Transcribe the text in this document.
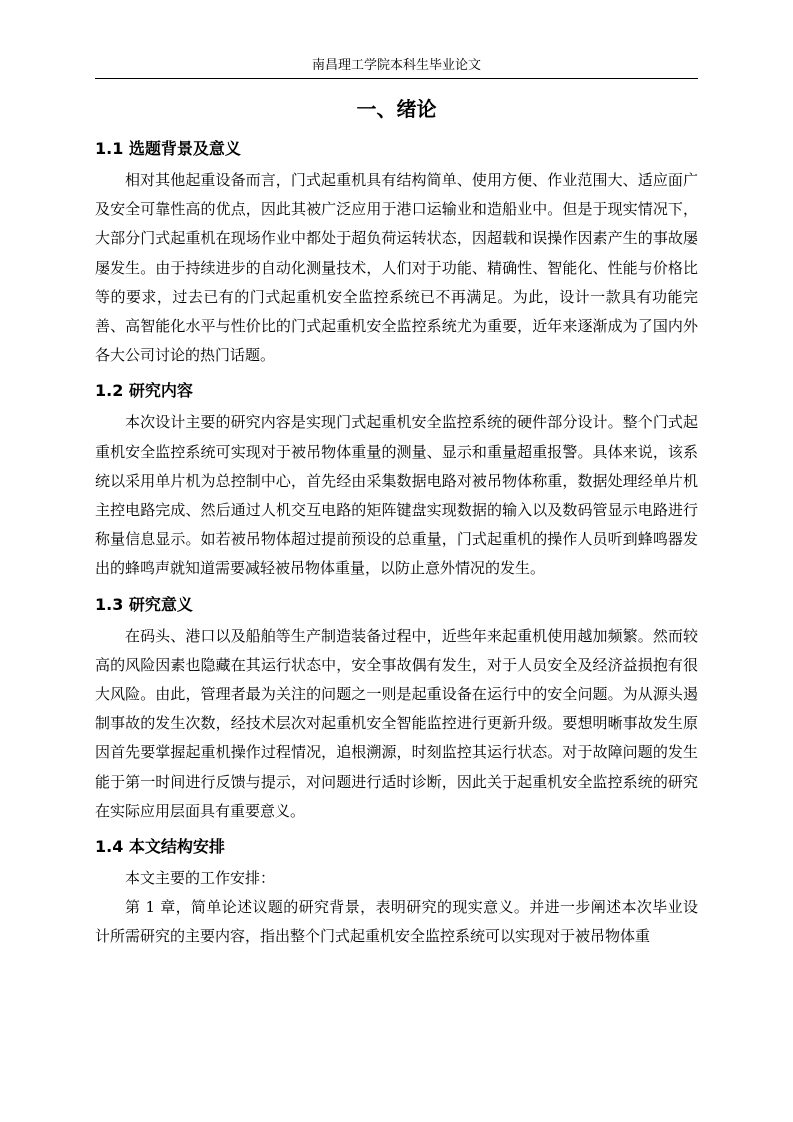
南昌理工学院本科生毕业论文
一、绪论
1.1 选题背景及意义

相对其他起重设备而言，门式起重机具有结构简单、使用方便、作业范围大、适应面广及安全可靠性高的优点，因此其被广泛应用于港口运输业和造船业中。但是于现实情况下，大部分门式起重机在现场作业中都处于超负荷运转状态，因超载和误操作因素产生的事故屡屡发生。由于持续进步的自动化测量技术，人们对于功能、精确性、智能化、性能与价格比等的要求，过去已有的门式起重机安全监控系统已不再满足。为此，设计一款具有功能完善、高智能化水平与性价比的门式起重机安全监控系统尤为重要，近年来逐渐成为了国内外各大公司讨论的热门话题。

1.2 研究内容

本次设计主要的研究内容是实现门式起重机安全监控系统的硬件部分设计。整个门式起重机安全监控系统可实现对于被吊物体重量的测量、显示和重量超重报警。具体来说，该系统以采用单片机为总控制中心，首先经由采集数据电路对被吊物体称重，数据处理经单片机主控电路完成、然后通过人机交互电路的矩阵键盘实现数据的输入以及数码管显示电路进行称量信息显示。如若被吊物体超过提前预设的总重量，门式起重机的操作人员听到蜂鸣器发出的蜂鸣声就知道需要减轻被吊物体重量，以防止意外情况的发生。

1.3 研究意义

在码头、港口以及船舶等生产制造装备过程中，近些年来起重机使用越加频繁。然而较高的风险因素也隐藏在其运行状态中，安全事故偶有发生，对于人员安全及经济益损抱有很大风险。由此，管理者最为关注的问题之一则是起重设备在运行中的安全问题。为从源头遏制事故的发生次数，经技术层次对起重机安全智能监控进行更新升级。要想明晰事故发生原因首先要掌握起重机操作过程情况，追根溯源，时刻监控其运行状态。对于故障问题的发生能于第一时间进行反馈与提示，对问题进行适时诊断，因此关于起重机安全监控系统的研究在实际应用层面具有重要意义。

1.4 本文结构安排

本文主要的工作安排：

第 1 章，简单论述议题的研究背景，表明研究的现实意义。并进一步阐述本次毕业设计所需研究的主要内容，指出整个门式起重机安全监控系统可以实现对于被吊物体重
